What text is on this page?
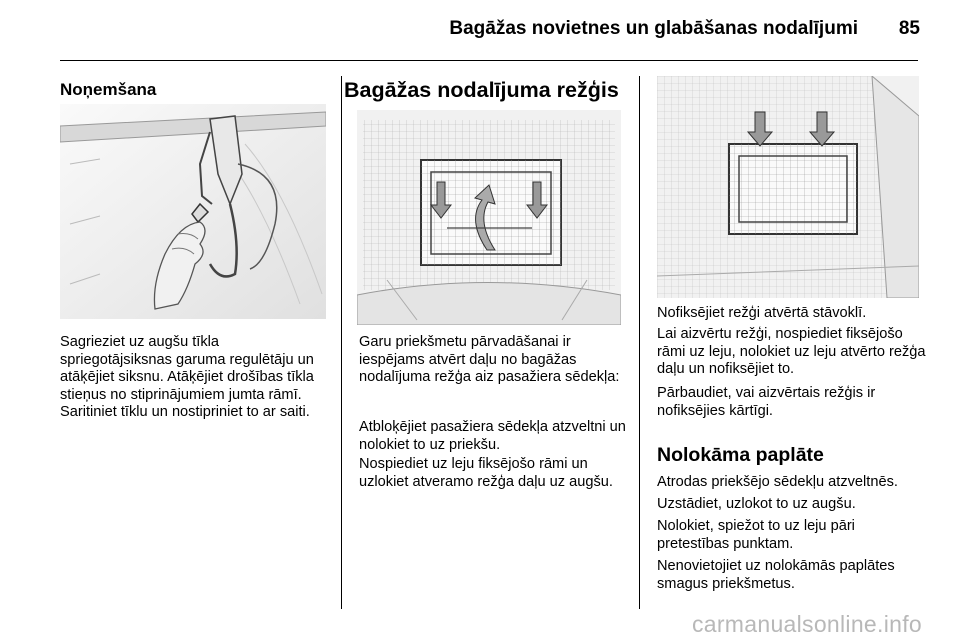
Bagāžas novietnes un glabāšanas nodalījumi 85
Noņemšana

Sagrieziet uz augšu tīkla spriegotājsiksnas garuma regulētāju un atāķējiet siksnu. Atāķējiet drošības tīkla stieņus no stiprinājumiem jumta rāmī. Saritiniet tīklu un nostipriniet to ar saiti.

Bagāžas nodalījuma režģis

Garu priekšmetu pārvadāšanai ir iespējams atvērt daļu no bagāžas nodalījuma režģa aiz pasažiera sēdekļa:

Atbloķējiet pasažiera sēdekļa atzveltni un nolokiet to uz priekšu.

Nospiediet uz leju fiksējošo rāmi un uzlokiet atveramo režģa daļu uz augšu.

Nofiksējiet režģi atvērtā stāvoklī.

Lai aizvērtu režģi, nospiediet fiksējošo rāmi uz leju, nolokiet uz leju atvērto režģa daļu un nofiksējiet to.

Pārbaudiet, vai aizvērtais režģis ir nofiksējies kārtīgi.

Nolokāma paplāte

Atrodas priekšējo sēdekļu atzveltnēs.

Uzstādiet, uzlokot to uz augšu.

Nolokiet, spiežot to uz leju pāri pretestības punktam.

Nenovietojiet uz nolokāmās paplātes smagus priekšmetus.

carmanualsonline.info
